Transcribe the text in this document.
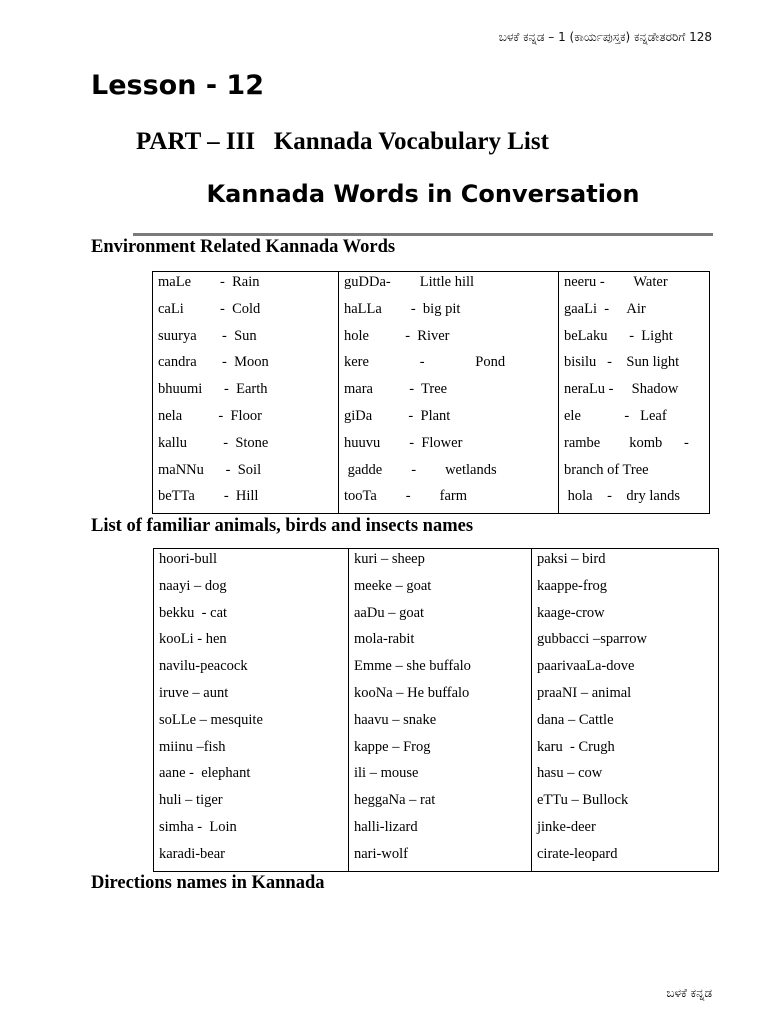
ಬಳಕೆ ಕನ್ನಡ – 1 (ಕಾರ್ಯಪುಸ್ತಕ) ಕನ್ನಡೇತರರಿಗೆ 128
Lesson - 12
PART – III   Kannada Vocabulary List
Kannada Words in Conversation
Environment Related Kannada Words
maLe        -  Rain	guDDa-        Little hill	neeru -        Water
caLi          -  Cold	haLLa        -  big pit	gaaLi  -     Air
suurya       -  Sun	hole          -  River	beLaku      -  Light
candra       -  Moon	kere              -              Pond	bisilu   -    Sun light
bhuumi      -  Earth	mara          -  Tree	neraLu -     Shadow
nela          -  Floor	giDa          -  Plant	ele            -   Leaf
kallu          -  Stone	huuvu        -  Flower	rambe        komb      -
maNNu      -  Soil	gadde        -        wetlands	branch of Tree
beTTa        -  Hill	tooTa        -        farm	hola    -    dry lands
List of familiar animals, birds and insects names
hoori-bull	kuri – sheep	paksi – bird
naayi – dog	meeke – goat	kaappe-frog
bekku  - cat	aaDu – goat	kaage-crow
kooLi - hen	mola-rabit	gubbacci –sparrow
navilu-peacock	Emme – she buffalo	paarivaaLa-dove
iruve – aunt	kooNa – He buffalo	praaNI – animal
soLLe – mesquite	haavu – snake	dana – Cattle
miinu –fish	kappe – Frog	karu  - Crugh
aane -  elephant	ili – mouse	hasu – cow
huli – tiger	heggaNa – rat	eTTu – Bullock
simha -  Loin	halli-lizard	jinke-deer
karadi-bear	nari-wolf	cirate-leopard
Directions names in Kannada
ಬಳಕೆ ಕನ್ನಡ
